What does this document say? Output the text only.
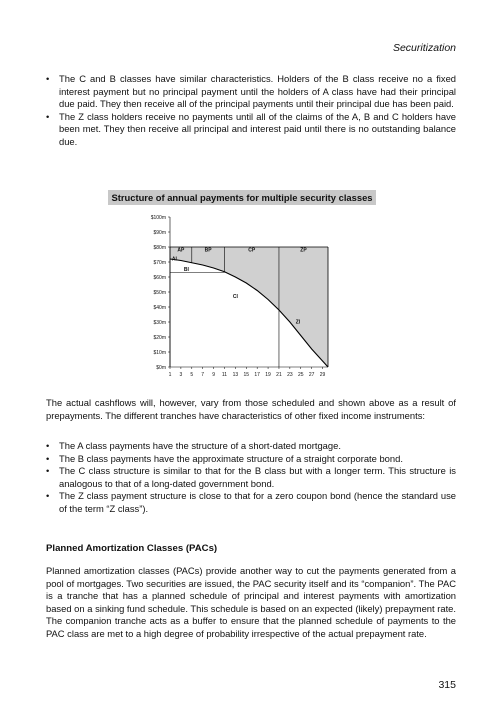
Securitization
• The C and B classes have similar characteristics. Holders of the B class receive no a fixed interest payment but no principal payment until the holders of A class have had their principal due paid. They then receive all of the principal payments until their principal due has been paid.
• The Z class holders receive no payments until all of the claims of the A, B and C holders have been met. They then receive all principal and interest paid until there is no outstanding balance due.
Structure of annual payments for multiple security classes
$0m
$10m
$20m
$30m
$40m
$50m
$60m
$70m
$80m
$90m
$100m
1 3 5 7 9 11 13 15 17 19 21 23 25 27 29
AP	BP	CP	ZP
AI
BI
CI
ZI

The actual cashflows will, however, vary from those scheduled and shown above as a result of prepayments. The different tranches have characteristics of other fixed income instruments:

• The A class payments have the structure of a short-dated mortgage.
• The B class payments have the approximate structure of a straight corporate bond.
• The C class structure is similar to that for the B class but with a longer term. This structure is analogous to that of a long-dated government bond.
• The Z class payment structure is close to that for a zero coupon bond (hence the standard use of the term “Z class”).
Planned Amortization Classes (PACs)

Planned amortization classes (PACs) provide another way to cut the payments generated from a pool of mortgages. Two securities are issued, the PAC security itself and its “companion”. The PAC is a tranche that has a planned schedule of principal and interest payments with amortization based on a sinking fund schedule. This schedule is based on an expected (likely) prepayment rate. The companion tranche acts as a buffer to ensure that the planned schedule of payments to the PAC class are met to a high degree of probability irrespective of the actual prepayment rate.

315
